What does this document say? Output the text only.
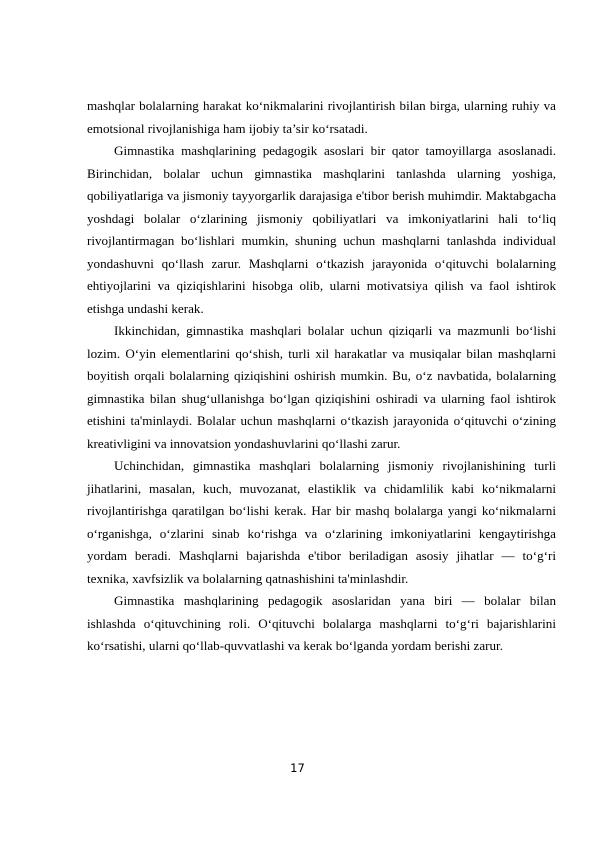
mashqlar bolalarning harakat ko‘nikmalarini rivojlantirish bilan birga, ularning ruhiy va emotsional rivojlanishiga ham ijobiy ta’sir ko‘rsatadi.

Gimnastika mashqlarining pedagogik asoslari bir qator tamoyillarga asoslanadi. Birinchidan, bolalar uchun gimnastika mashqlarini tanlashda ularning yoshiga, qobiliyatlariga va jismoniy tayyorgarlik darajasiga e'tibor berish muhimdir. Maktabgacha yoshdagi bolalar o‘zlarining jismoniy qobiliyatlari va imkoniyatlarini hali to‘liq rivojlantirmagan bo‘lishlari mumkin, shuning uchun mashqlarni tanlashda individual yondashuvni qo‘llash zarur. Mashqlarni o‘tkazish jarayonida o‘qituvchi bolalarning ehtiyojlarini va qiziqishlarini hisobga olib, ularni motivatsiya qilish va faol ishtirok etishga undashi kerak.

Ikkinchidan, gimnastika mashqlari bolalar uchun qiziqarli va mazmunli bo‘lishi lozim. O‘yin elementlarini qo‘shish, turli xil harakatlar va musiqalar bilan mashqlarni boyitish orqali bolalarning qiziqishini oshirish mumkin. Bu, o‘z navbatida, bolalarning gimnastika bilan shug‘ullanishga bo‘lgan qiziqishini oshiradi va ularning faol ishtirok etishini ta'minlaydi. Bolalar uchun mashqlarni o‘tkazish jarayonida o‘qituvchi o‘zining kreativligini va innovatsion yondashuvlarini qo‘llashi zarur.

Uchinchidan, gimnastika mashqlari bolalarning jismoniy rivojlanishining turli jihatlarini, masalan, kuch, muvozanat, elastiklik va chidamlilik kabi ko‘nikmalarni rivojlantirishga qaratilgan bo‘lishi kerak. Har bir mashq bolalarga yangi ko‘nikmalarni o‘rganishga, o‘zlarini sinab ko‘rishga va o‘zlarining imkoniyatlarini kengaytirishga yordam beradi. Mashqlarni bajarishda e'tibor beriladigan asosiy jihatlar — to‘g‘ri texnika, xavfsizlik va bolalarning qatnashishini ta'minlashdir.

Gimnastika mashqlarining pedagogik asoslaridan yana biri — bolalar bilan ishlashda o‘qituvchining roli. O‘qituvchi bolalarga mashqlarni to‘g‘ri bajarishlarini ko‘rsatishi, ularni qo‘llab-quvvatlashi va kerak bo‘lganda yordam berishi zarur.

17
